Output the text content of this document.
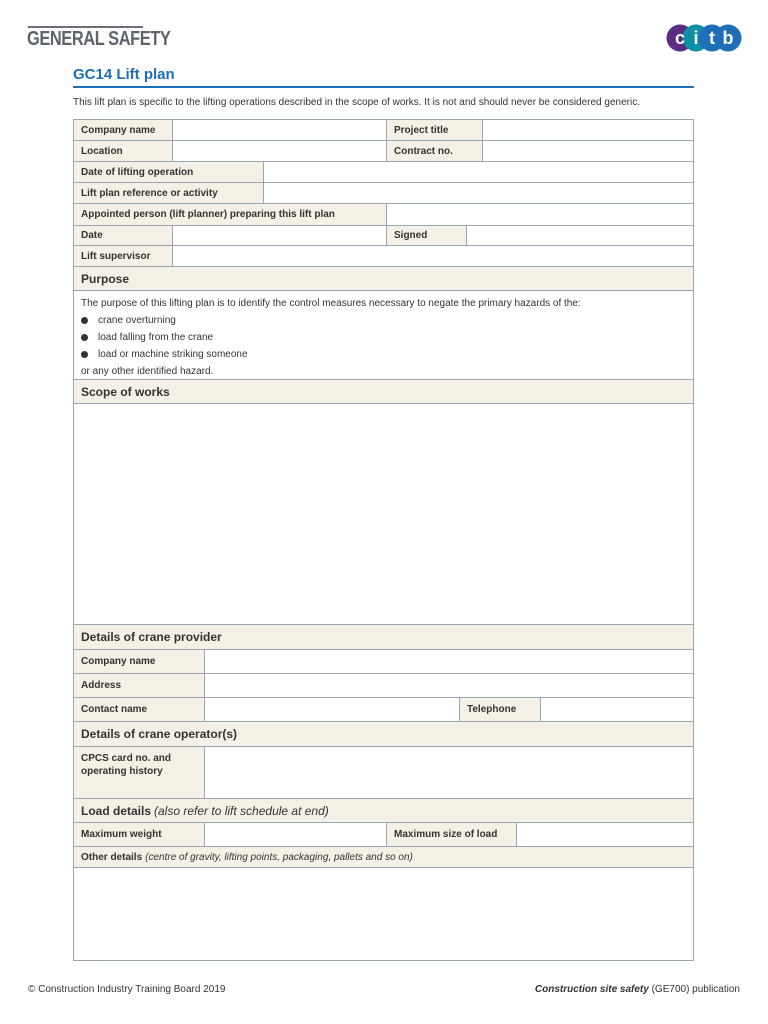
GENERAL SAFETY	c i t b
GC14 Lift plan
This lift plan is specific to the lifting operations described in the scope of works. It is not and should never be considered generic.
Company name	Project title
Location	Contract no.
Date of lifting operation
Lift plan reference or activity
Appointed person (lift planner) preparing this lift plan
Date	Signed
Lift supervisor
Purpose
The purpose of this lifting plan is to identify the control measures necessary to negate the primary hazards of the:
crane overturning
load falling from the crane
load or machine striking someone
or any other identified hazard.
Scope of works
Details of crane provider
Company name
Address
Contact name	Telephone
Details of crane operator(s)
CPCS card no. and operating history
Load details (also refer to lift schedule at end)
Maximum weight	Maximum size of load
Other details (centre of gravity, lifting points, packaging, pallets and so on)
© Construction Industry Training Board 2019	Construction site safety (GE700) publication
